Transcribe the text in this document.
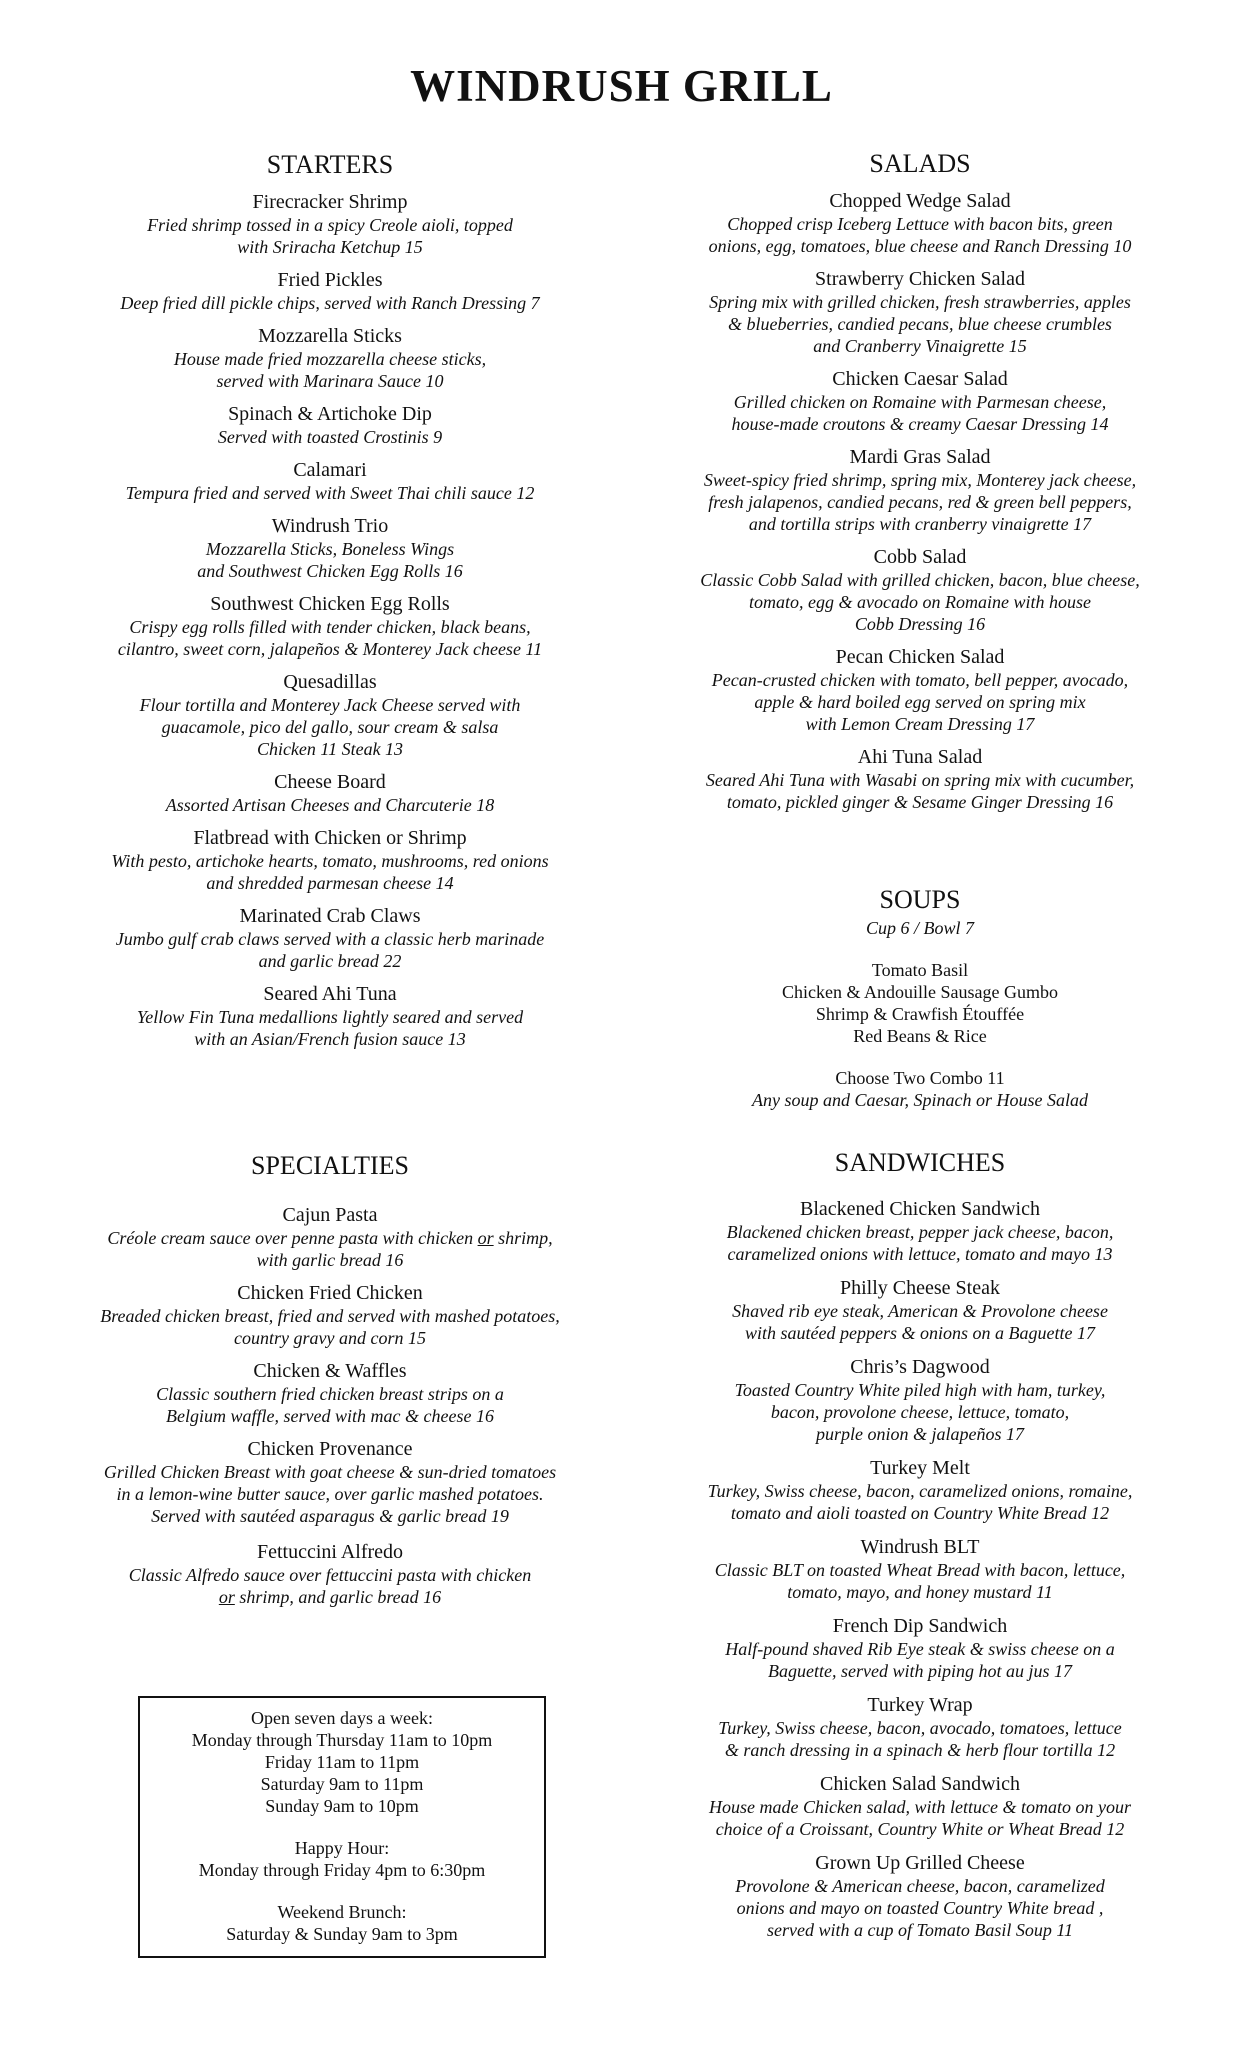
WINDRUSH GRILL
STARTERS
Firecracker Shrimp
Fried shrimp tossed in a spicy Creole aioli, topped
with Sriracha Ketchup 15
Fried Pickles
Deep fried dill pickle chips, served with Ranch Dressing 7
Mozzarella Sticks
House made fried mozzarella cheese sticks,
served with Marinara Sauce 10
Spinach & Artichoke Dip
Served with toasted Crostinis 9
Calamari
Tempura fried and served with Sweet Thai chili sauce 12
Windrush Trio
Mozzarella Sticks, Boneless Wings
and Southwest Chicken Egg Rolls 16
Southwest Chicken Egg Rolls
Crispy egg rolls filled with tender chicken, black beans,
cilantro, sweet corn, jalapeños & Monterey Jack cheese 11
Quesadillas
Flour tortilla and Monterey Jack Cheese served with
guacamole, pico del gallo, sour cream & salsa
Chicken 11 Steak 13
Cheese Board
Assorted Artisan Cheeses and Charcuterie 18
Flatbread with Chicken or Shrimp
With pesto, artichoke hearts, tomato, mushrooms, red onions
and shredded parmesan cheese 14
Marinated Crab Claws
Jumbo gulf crab claws served with a classic herb marinade
and garlic bread 22
Seared Ahi Tuna
Yellow Fin Tuna medallions lightly seared and served
with an Asian/French fusion sauce 13
SPECIALTIES
Cajun Pasta
Créole cream sauce over penne pasta with chicken or shrimp,
with garlic bread 16
Chicken Fried Chicken
Breaded chicken breast, fried and served with mashed potatoes,
country gravy and corn 15
Chicken & Waffles
Classic southern fried chicken breast strips on a
Belgium waffle, served with mac & cheese 16
Chicken Provenance
Grilled Chicken Breast with goat cheese & sun-dried tomatoes
in a lemon-wine butter sauce, over garlic mashed potatoes.
Served with sautéed asparagus & garlic bread 19
Fettuccini Alfredo
Classic Alfredo sauce over fettuccini pasta with chicken
or shrimp, and garlic bread 16
Open seven days a week:
Monday through Thursday 11am to 10pm
Friday 11am to 11pm
Saturday 9am to 11pm
Sunday 9am to 10pm
Happy Hour:
Monday through Friday 4pm to 6:30pm
Weekend Brunch:
Saturday & Sunday 9am to 3pm
SALADS
Chopped Wedge Salad
Chopped crisp Iceberg Lettuce with bacon bits, green
onions, egg, tomatoes, blue cheese and Ranch Dressing 10
Strawberry Chicken Salad
Spring mix with grilled chicken, fresh strawberries, apples
& blueberries, candied pecans, blue cheese crumbles
and Cranberry Vinaigrette 15
Chicken Caesar Salad
Grilled chicken on Romaine with Parmesan cheese,
house-made croutons & creamy Caesar Dressing 14
Mardi Gras Salad
Sweet-spicy fried shrimp, spring mix, Monterey jack cheese,
fresh jalapenos, candied pecans, red & green bell peppers,
and tortilla strips with cranberry vinaigrette 17
Cobb Salad
Classic Cobb Salad with grilled chicken, bacon, blue cheese,
tomato, egg & avocado on Romaine with house
Cobb Dressing 16
Pecan Chicken Salad
Pecan-crusted chicken with tomato, bell pepper, avocado,
apple & hard boiled egg served on spring mix
with Lemon Cream Dressing 17
Ahi Tuna Salad
Seared Ahi Tuna with Wasabi on spring mix with cucumber,
tomato, pickled ginger & Sesame Ginger Dressing 16
SOUPS
Cup 6 / Bowl 7
Tomato Basil
Chicken & Andouille Sausage Gumbo
Shrimp & Crawfish Étouffée
Red Beans & Rice
Choose Two Combo 11
Any soup and Caesar, Spinach or House Salad
SANDWICHES
Blackened Chicken Sandwich
Blackened chicken breast, pepper jack cheese, bacon,
caramelized onions with lettuce, tomato and mayo 13
Philly Cheese Steak
Shaved rib eye steak, American & Provolone cheese
with sautéed peppers & onions on a Baguette 17
Chris’s Dagwood
Toasted Country White piled high with ham, turkey,
bacon, provolone cheese, lettuce, tomato,
purple onion & jalapeños 17
Turkey Melt
Turkey, Swiss cheese, bacon, caramelized onions, romaine,
tomato and aioli toasted on Country White Bread 12
Windrush BLT
Classic BLT on toasted Wheat Bread with bacon, lettuce,
tomato, mayo, and honey mustard 11
French Dip Sandwich
Half-pound shaved Rib Eye steak & swiss cheese on a
Baguette, served with piping hot au jus 17
Turkey Wrap
Turkey, Swiss cheese, bacon, avocado, tomatoes, lettuce
& ranch dressing in a spinach & herb flour tortilla 12
Chicken Salad Sandwich
House made Chicken salad, with lettuce & tomato on your
choice of a Croissant, Country White or Wheat Bread 12
Grown Up Grilled Cheese
Provolone & American cheese, bacon, caramelized
onions and mayo on toasted Country White bread ,
served with a cup of Tomato Basil Soup 11
